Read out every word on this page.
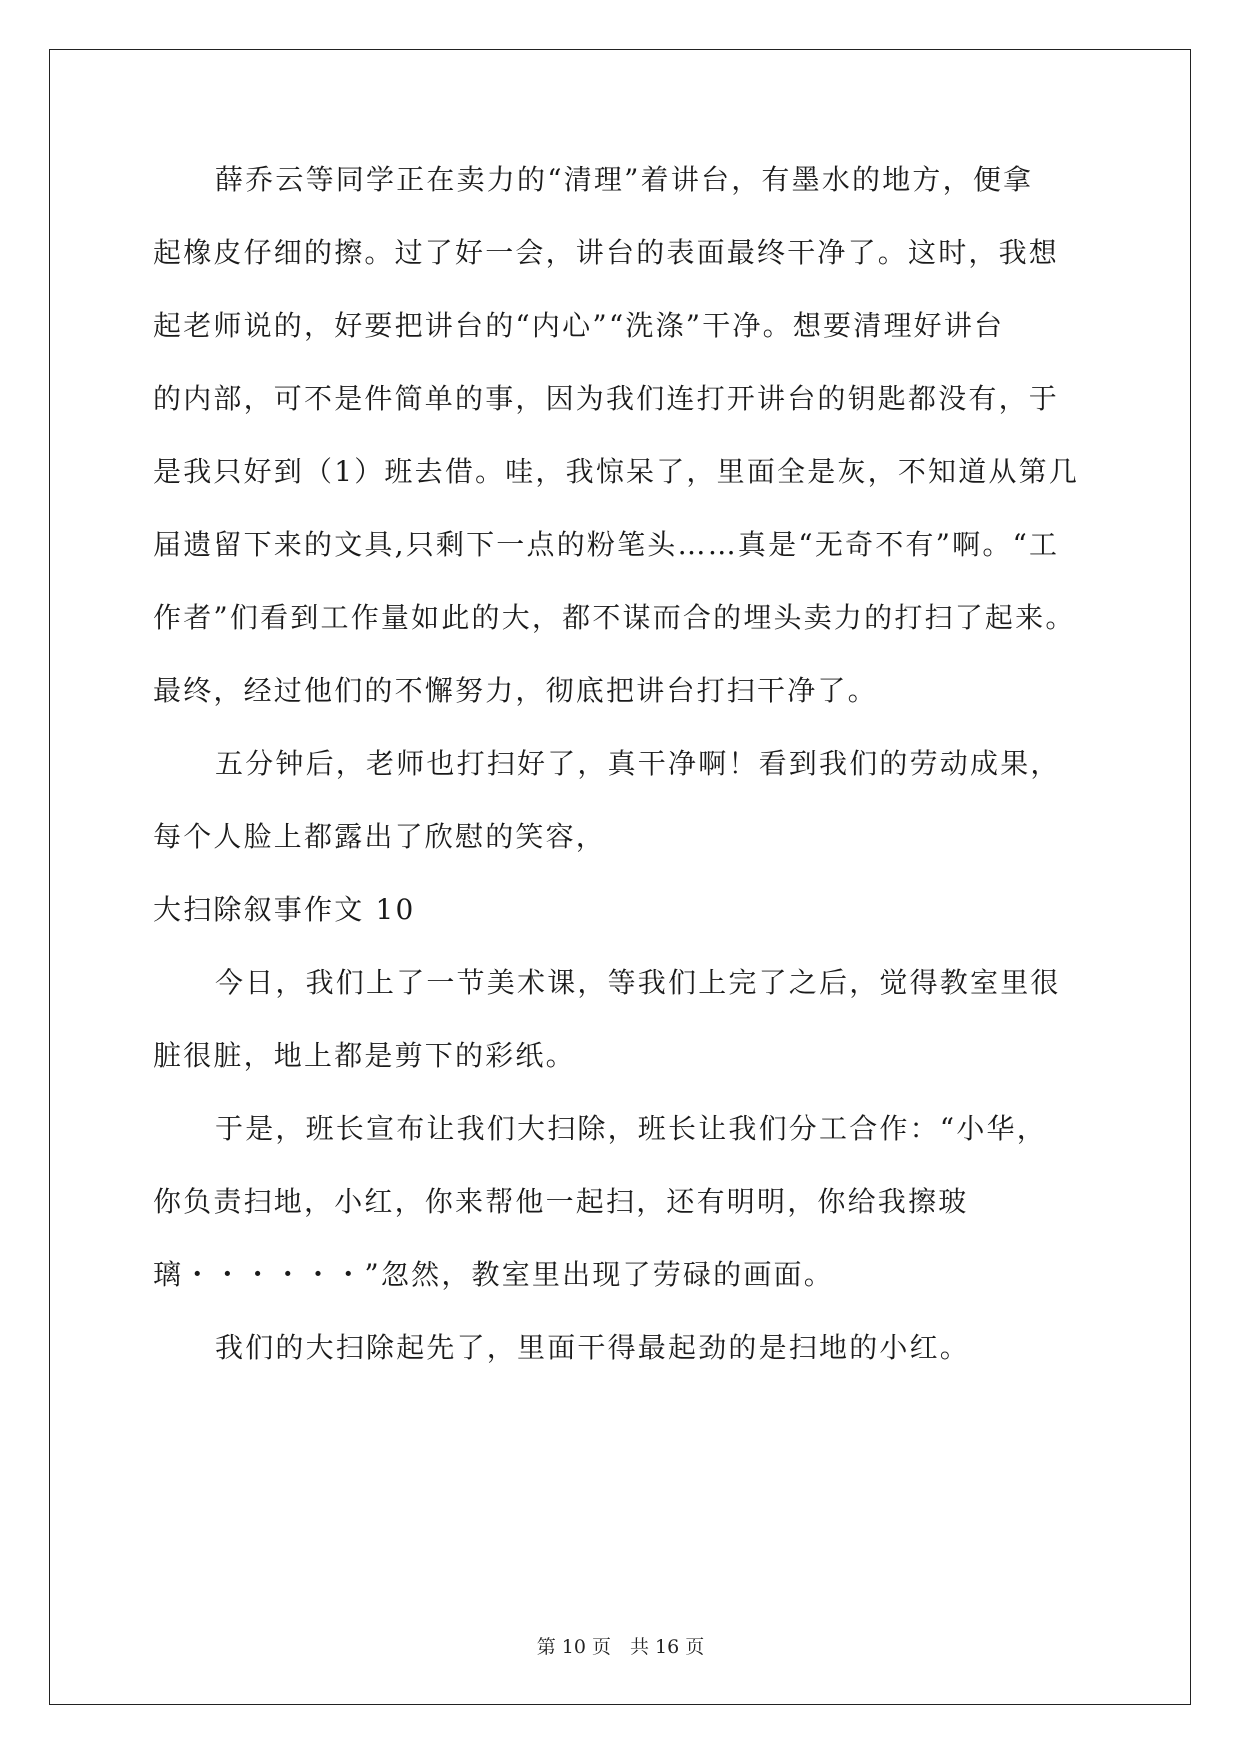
薛乔云等同学正在卖力的“清理”着讲台，有墨水的地方，便拿
起橡皮仔细的擦。过了好一会，讲台的表面最终干净了。这时，我想
起老师说的，好要把讲台的“内心”“洗涤”干净。想要清理好讲台
的内部，可不是件简单的事，因为我们连打开讲台的钥匙都没有，于
是我只好到（1）班去借。哇，我惊呆了，里面全是灰，不知道从第几
届遗留下来的文具,只剩下一点的粉笔头……真是“无奇不有”啊。“工
作者”们看到工作量如此的大，都不谋而合的埋头卖力的打扫了起来。
最终，经过他们的不懈努力，彻底把讲台打扫干净了。
五分钟后，老师也打扫好了，真干净啊！看到我们的劳动成果，
每个人脸上都露出了欣慰的笑容，
大扫除叙事作文 10
今日，我们上了一节美术课，等我们上完了之后，觉得教室里很
脏很脏，地上都是剪下的彩纸。
于是，班长宣布让我们大扫除，班长让我们分工合作：“小华，
你负责扫地，小红，你来帮他一起扫，还有明明，你给我擦玻
璃・・・・・・”忽然，教室里出现了劳碌的画面。
我们的大扫除起先了，里面干得最起劲的是扫地的小红。
第 10 页　共 16 页
